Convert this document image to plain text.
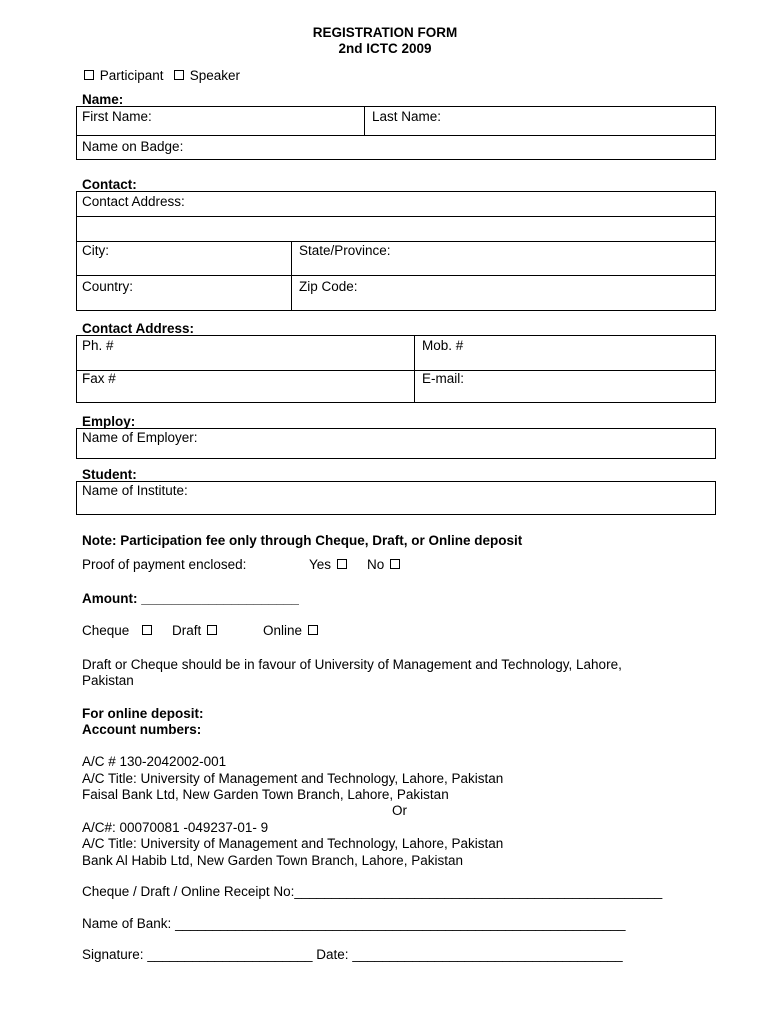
REGISTRATION FORM
2nd ICTC 2009
Participant	Speaker
Name:
First Name:	Last Name:
Name on Badge:
Contact:
Contact Address:
City:	State/Province:
Country:	Zip Code:
Contact Address:
Ph. #	Mob. #
Fax #	E-mail:
Employ:
Name of Employer:
Student:
Name of Institute:
Note: Participation fee only through Cheque, Draft, or Online deposit
Proof of payment enclosed:	Yes	No
Amount: _____________________
Cheque	Draft	Online
Draft or Cheque should be in favour of University of Management and Technology, Lahore,
Pakistan
For online deposit:
Account numbers:
A/C # 130-2042002-001
A/C Title: University of Management and Technology, Lahore, Pakistan
Faisal Bank Ltd, New Garden Town Branch, Lahore, Pakistan
Or
A/C#: 00070081 -049237-01- 9
A/C Title: University of Management and Technology, Lahore, Pakistan
Bank Al Habib Ltd, New Garden Town Branch, Lahore, Pakistan
Cheque / Draft / Online Receipt No:_________________________________________________
Name of Bank: ____________________________________________________________
Signature: ______________________ Date: ____________________________________
